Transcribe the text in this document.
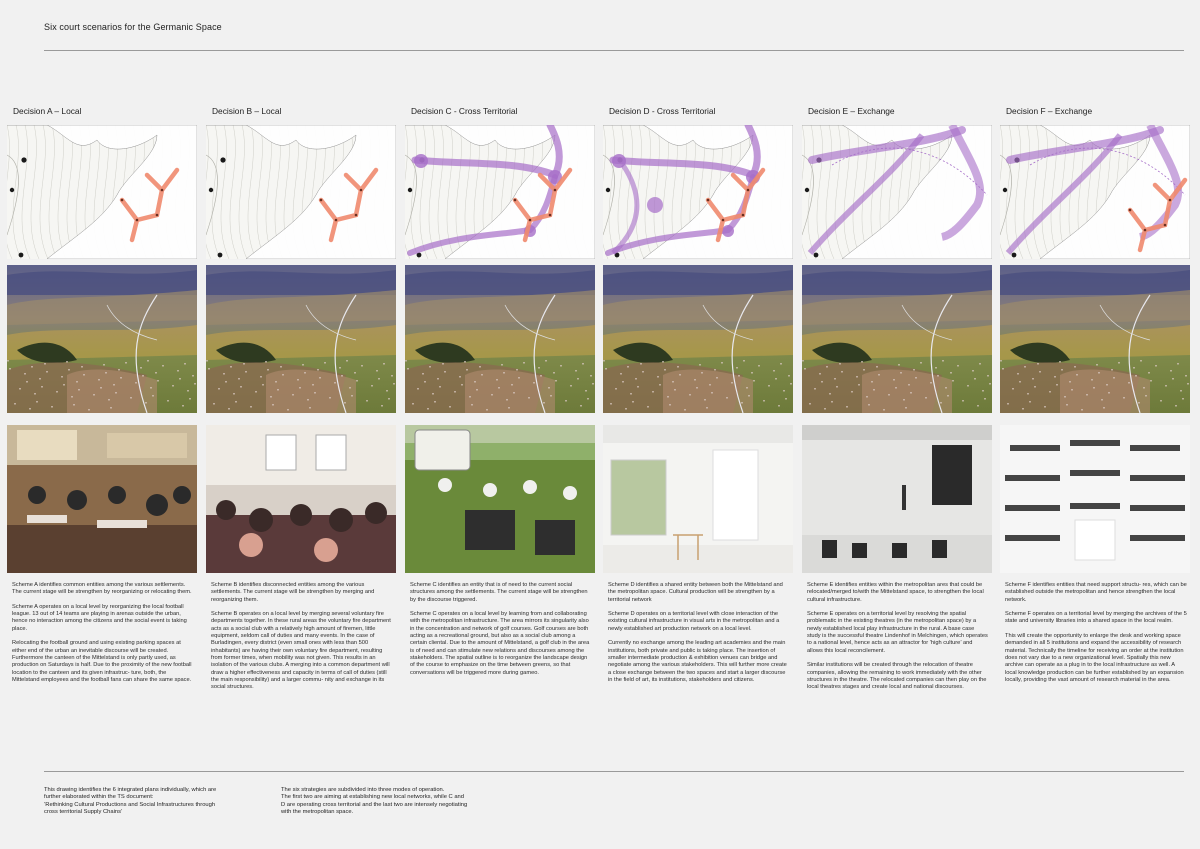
Six court scenarios for the Germanic Space
Decision A – Local

Scheme A identifies common entities among the various settlements. The current stage will be strengthen by reorganizing or relocating them.

Scheme A operates on a local level by reorganizing the local football league. 13 out of 14 teams are playing in arenas outside the urban, hence no interaction among the citizens and the social event is taking place.

Relocating the football ground and using existing parking spaces at either end of the urban an inevitable discourse will be created. Furthermore the canteen of the Mittelstand is only partly used, as production on Saturdays is half. Due to the proximity of the new football location to the canteen and its given infrastruc- ture, both, the Mittelstand employees and the football fans can share the same space.

Decision B – Local

Scheme B identifies disconnected entities among the various settlements. The current stage will be strengthen by merging and reorganizing them.

Scheme B operates on a local level by merging several voluntary fire departments together. In these rural areas the voluntary fire department acts as a social club with a relatively high amount of firemen, little equipment, seldom call of duties and many events. In the case of Burladingen, every district (even small ones with less than 500 inhabitants) are having their own voluntary fire department, resulting from former times, when mobility was not given. This results in an isolation of the various clubs. A merging into a common department will draw a higher effectiveness and capacity in terms of call of duties (still the main responsibility) and a larger commu- nity and exchange in its social structures.

Decision C - Cross Territorial

Scheme C identifies an entity that is of need to the current social structures among the settlements. The current stage will be strengthen by the discourse triggered.

Scheme C operates on a local level by learning from and collaborating with the metropolitan infrastructure. The area mirrors its singularity also in the concentration and network of golf courses. Golf courses are both acting as a recreational ground, but also as a social club among a certain cliental. Due to the amount of Mittelstand, a golf club in the area is of need and can stimulate new relations and discourses among the stakeholders. The spatial outline is to reorganize the landscape design of the course to emphasize on the time between greens, so that conversations will be triggered more during gameo.

Decision D - Cross Territorial

Scheme D identifies a shared entity between both the Mittelstand and the metropolitan space. Cultural production will be strengthen by a territorial network

Scheme D operates on a territorial level with close interaction of the existing cultural infrastructure in visual arts in the metropolitan and a newly established art production network on a local level.

Currently no exchange among the leading art academies and the main institutions, both private and public is taking place. The insertion of smaller intermediate production & exhibition venues can bridge and negotiate among the various stakeholders. This will further more create a close exchange between the two spaces and start a larger discourse in the field of art, its institutions, stakeholders and citizens.

Decision E – Exchange

Scheme E identifies entities within the metropolitan ares that could be relocated/merged to/with the Mittelstand space, to strengthen the local cultural infrastructure.

Scheme E operates on a territorial level by resolving the spatial problematic in the existing theatres (in the metropolitan space) by a newly established local play infrastructure in the rural. A base case study is the successful theatre Lindenhof in Melchingen, which operates to a national level, hence acts as an attractor for ‘high culture’ and allows this local reconcilement.

Similar institutions will be created through the relocation of theatre companies, allowing the remaining to work immediately with the other structures in the theatre. The relocated companies can then play on the local theatres stages and create local and national discourses.

Decision F – Exchange

Scheme F identifies entities that need support structu- res, which can be established outside the metropolitan and hence strengthen the local network.

Scheme F operates on a territorial level by merging the archives of the 5 state and university libraries into a shared space in the local realm.

This will create the opportunity to enlarge the desk and working space demanded in all 5 institutions and expand the accessibility of research material. Technically the timeline for receiving an order at the institution does not vary due to a new organizational level. Spatially this new archive can operate as a plug in to the local infrastructure as well. A local knowledge production can be further established by an expansion locally, providing the vast amount of research material in the area.

This drawing identifies the 6 integrated plans individually, which are

further elaborated within the TS document:

‘Rethinking Cultural Productions and Social Infrastructures through

cross territorial Supply Chains’

The six strategies are subdivided into three modes of operation.

The first two are aiming at establishing new local networks, while C and

D are operating cross territorial and the last two are intensely negotiating

with the metropolitan space.
